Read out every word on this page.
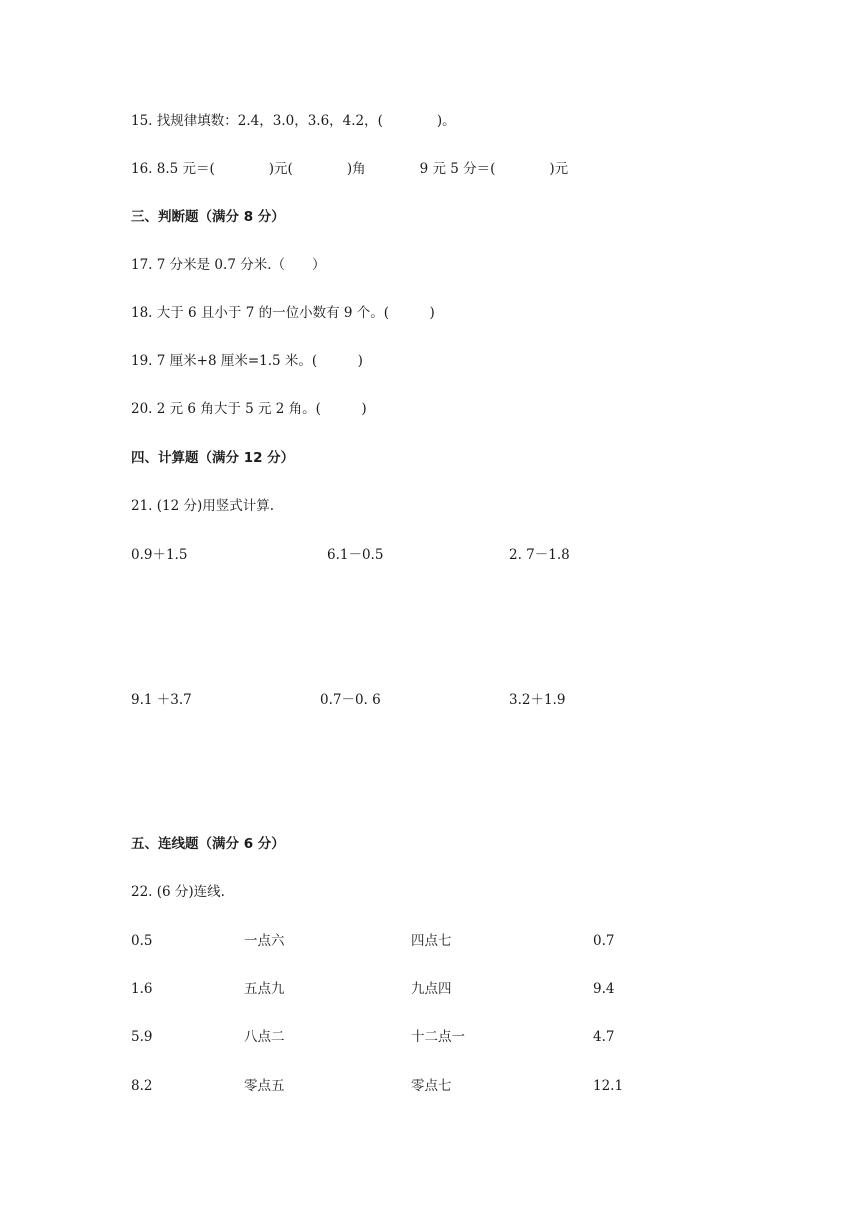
15. 找规律填数：2.4，3.0，3.6，4.2，(　　　　)。
16. 8.5 元＝(　　　　)元(　　　　)角　　　　9 元 5 分＝(　　　　)元
三、判断题（满分 8 分）
17. 7 分米是 0.7 分米.（　　）
18. 大于 6 且小于 7 的一位小数有 9 个。(　　　)
19. 7 厘米+8 厘米=1.5 米。(　　　)
20. 2 元 6 角大于 5 元 2 角。(　　　)
四、计算题（满分 12 分）
21. (12 分)用竖式计算.
0.9＋1.5	6.1－0.5	2. 7－1.8
9.1 ＋3.7	0.7－0. 6	3.2＋1.9
五、连线题（满分 6 分）
22. (6 分)连线.
0.5	一点六	四点七	0.7
1.6	五点九	九点四	9.4
5.9	八点二	十二点一	4.7
8.2	零点五	零点七	12.1
